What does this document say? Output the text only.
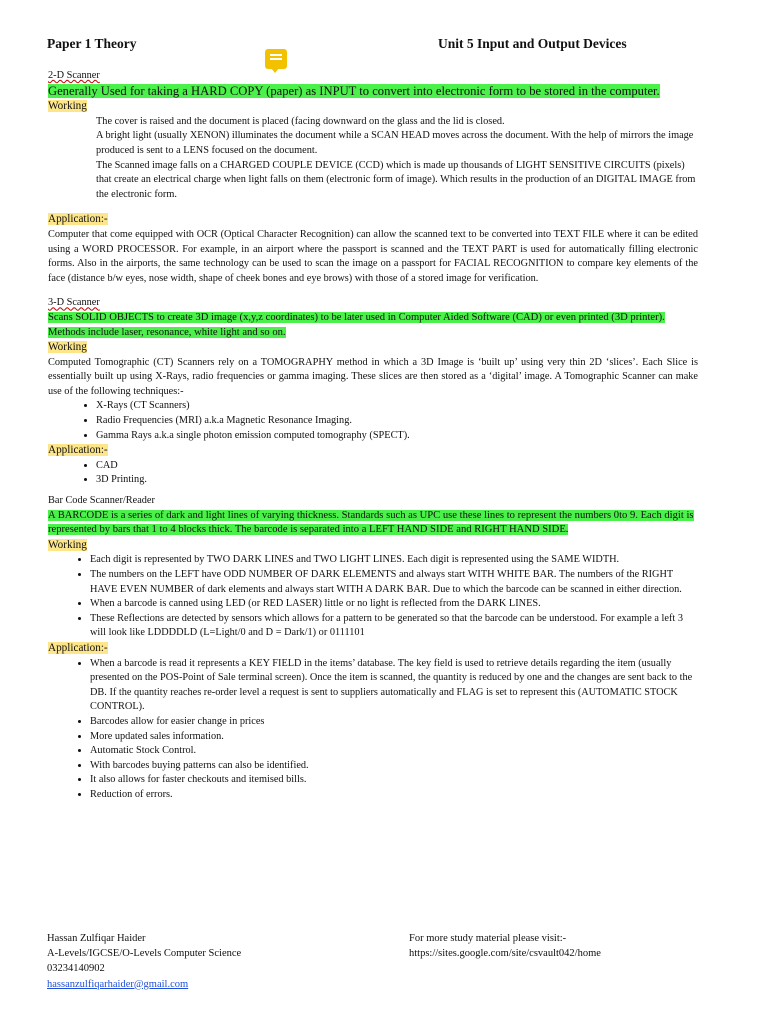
Paper 1 Theory	Unit 5 Input and Output Devices

2-D Scanner

Generally Used for taking a HARD COPY (paper) as INPUT to convert into electronic form to be stored in the computer.

Working

The cover is raised and the document is placed (facing downward on the glass and the lid is closed.

A bright light (usually XENON) illuminates the document while a SCAN HEAD moves across the document. With the help of mirrors the image produced is sent to a LENS focused on the document.

The Scanned image falls on a CHARGED COUPLE DEVICE (CCD) which is made up thousands of LIGHT SENSITIVE CIRCUITS (pixels) that create an electrical charge when light falls on them (electronic form of image). Which results in the production of an DIGITAL IMAGE from the electronic form.

Application:-

Computer that come equipped with OCR (Optical Character Recognition) can allow the scanned text to be converted into TEXT FILE where it can be edited using a WORD PROCESSOR. For example, in an airport where the passport is scanned and the TEXT PART is used for automatically filling electronic forms. Also in the airports, the same technology can be used to scan the image on a passport for FACIAL RECOGNITION to compare key elements of the face (distance b/w eyes, nose width, shape of cheek bones and eye brows) with those of a stored image for verification.

3-D Scanner

Scans SOLID OBJECTS to create 3D image (x,y,z coordinates) to be later used in Computer Aided Software (CAD) or even printed (3D printer). Methods include laser, resonance, white light and so on.

Working

Computed Tomographic (CT) Scanners rely on a TOMOGRAPHY method in which a 3D Image is ‘built up’ using very thin 2D ‘slices’. Each Slice is essentially built up using X-Rays, radio frequencies or gamma imaging. These slices are then stored as a ‘digital’ image. A Tomographic Scanner can make use of the following techniques:-

• X-Rays (CT Scanners)
• Radio Frequencies (MRI) a.k.a Magnetic Resonance Imaging.
• Gamma Rays a.k.a single photon emission computed tomography (SPECT).

Application:-

• CAD
• 3D Printing.

Bar Code Scanner/Reader

A BARCODE is a series of dark and light lines of varying thickness. Standards such as UPC use these lines to represent the numbers 0to 9. Each digit is represented by bars that 1 to 4 blocks thick. The barcode is separated into a LEFT HAND SIDE and RIGHT HAND SIDE.

Working

• Each digit is represented by TWO DARK LINES and TWO LIGHT LINES. Each digit is represented using the SAME WIDTH.
• The numbers on the LEFT have ODD NUMBER OF DARK ELEMENTS and always start WITH WHITE BAR. The numbers of the RIGHT HAVE EVEN NUMBER of dark elements and always start WITH A DARK BAR. Due to which the barcode can be scanned in either direction.
• When a barcode is canned using LED (or RED LASER) little or no light is reflected from the DARK LINES.
• These Reflections are detected by sensors which allows for a pattern to be generated so that the barcode can be understood. For example a left 3 will look like LDDDDLD (L=Light/0 and D = Dark/1) or 0111101

Application:-

• When a barcode is read it represents a KEY FIELD in the items’ database. The key field is used to retrieve details regarding the item (usually presented on the POS-Point of Sale terminal screen). Once the item is scanned, the quantity is reduced by one and the changes are sent back to the DB. If the quantity reaches re-order level a request is sent to suppliers automatically and FLAG is set to represent this (AUTOMATIC STOCK CONTROL).
• Barcodes allow for easier change in prices
• More updated sales information.
• Automatic Stock Control.
• With barcodes buying patterns can also be identified.
• It also allows for faster checkouts and itemised bills.
• Reduction of errors.
Hassan Zulfiqar Haider
A-Levels/IGCSE/O-Levels Computer Science
03234140902
hassanzulfiqarhaider@gmail.com
For more study material please visit:-
https://sites.google.com/site/csvault042/home
